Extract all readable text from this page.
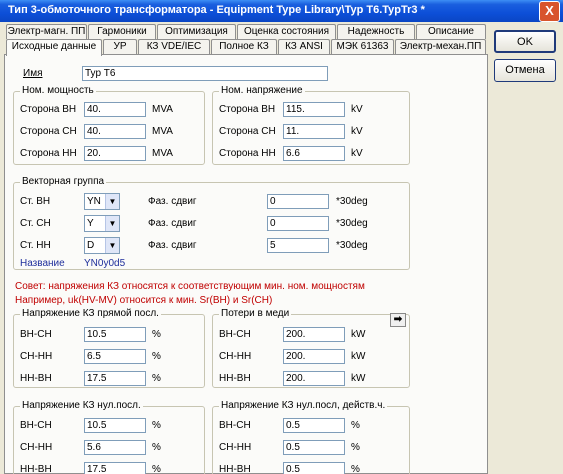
Тип 3-обмоточного трансформатора - Equipment Type Library\Typ T6.TypTr3 *	X
Электр-магн. ПП	Гармоники	Оптимизация	Оценка состояния	Надежность	Описание
Исходные данные	УР	КЗ VDE/IEC	Полное КЗ	КЗ ANSI	МЭК 61363	Электр-механ.ПП	OK
Отмена
Имя	Typ T6
Ном. мощность
Сторона ВН	40.	MVA
Сторона СН	40.	MVA
Сторона НН	20.	MVA
Ном. напряжение
Сторона ВН	115.	kV
Сторона СН	11.	kV
Сторона НН	6.6	kV
Векторная группа
Ст. ВН	YN ▼	Фаз. сдвиг	0	*30deg
Ст. СН	Y	▼	Фаз. сдвиг	0	*30deg
Ст. НН	D	▼	Фаз. сдвиг	5	*30deg
Название YN0y0d5
Совет: напряжения КЗ относятся к соответствующим мин. ном. мощностям
Например, uk(HV-MV) относится к мин. Sr(ВН) и Sr(СН)
Напряжение КЗ прямой посл.
ВН-СН	10.5	%
СН-НН	6.5	%
НН-ВН	17.5	%
Потери в меди
ВН-СН	200.	kW
СН-НН	200.	kW
НН-ВН	200.	kW
➡
Напряжение КЗ нул.посл.
ВН-СН	10.5	%
СН-НН	5.6	%
НН-ВН	17.5	%
Напряжение КЗ нул.посл, действ.ч.
ВН-СН	0.5	%
СН-НН	0.5	%
НН-ВН	0.5	%
